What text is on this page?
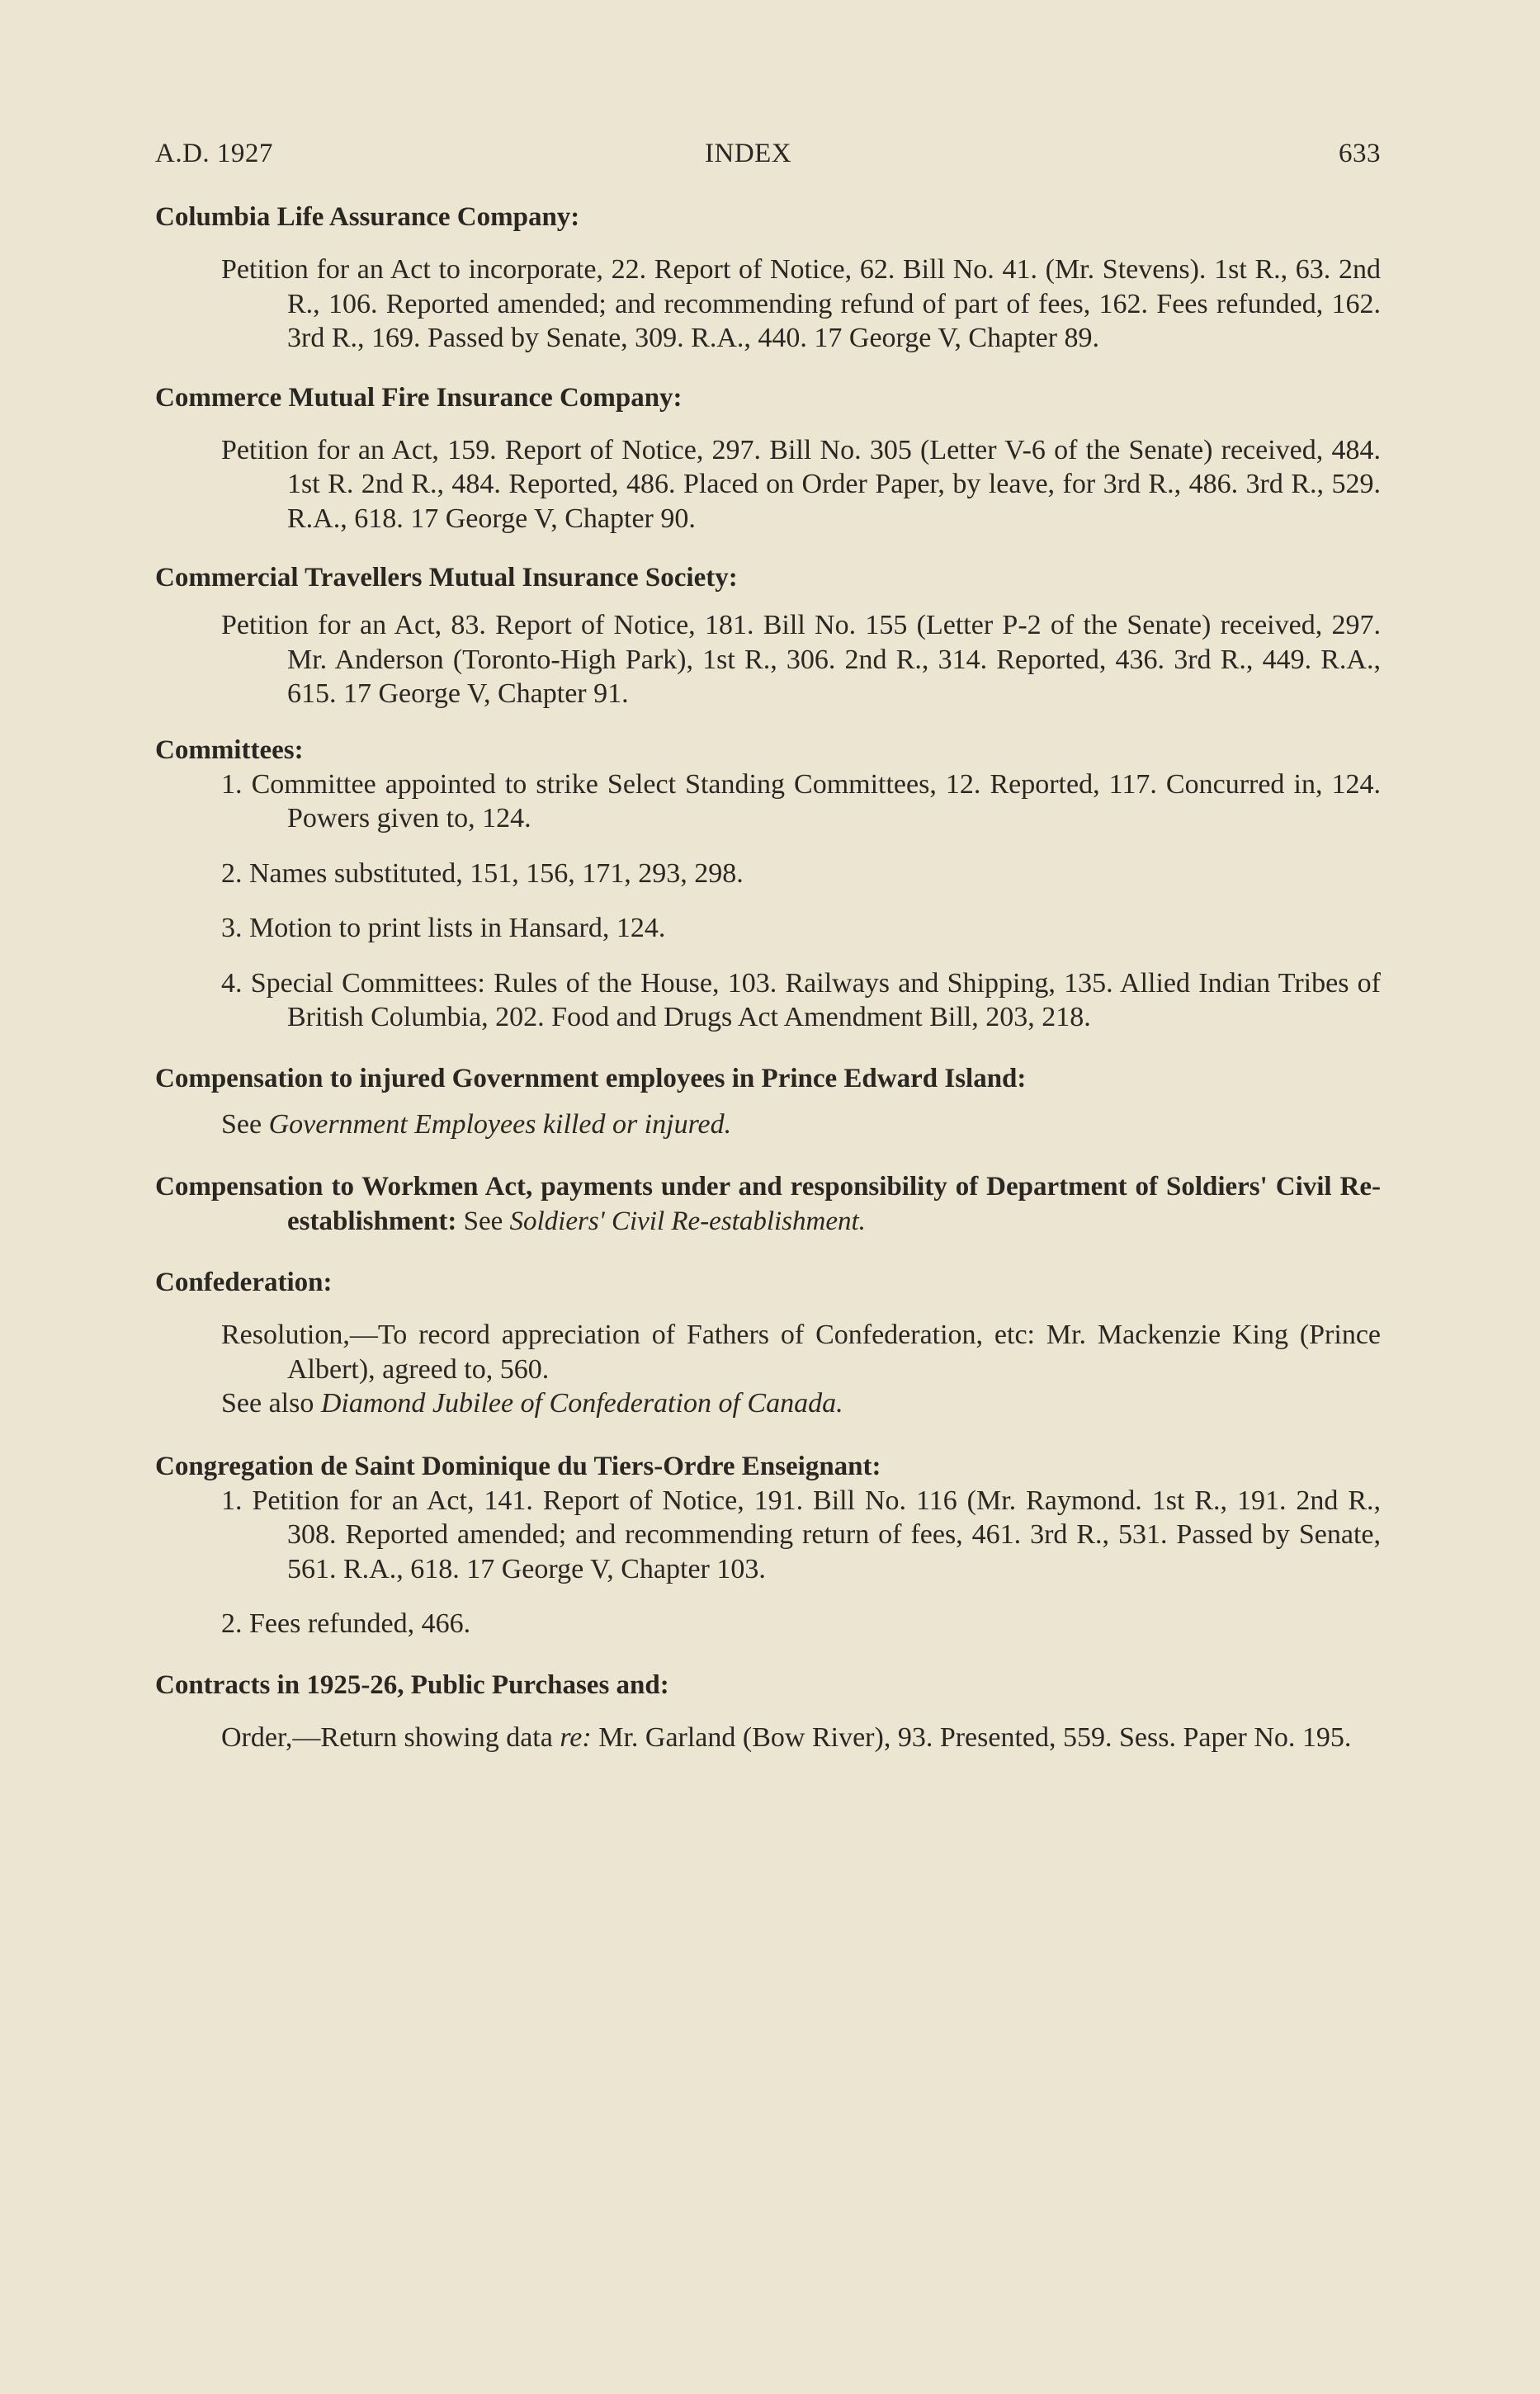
A.D. 1927	INDEX	633

Columbia Life Assurance Company:

Petition for an Act to incorporate, 22. Report of Notice, 62. Bill No. 41. (Mr. Stevens). 1st R., 63. 2nd R., 106. Reported amended; and recommending refund of part of fees, 162. Fees refunded, 162. 3rd R., 169. Passed by Senate, 309. R.A., 440. 17 George V, Chapter 89.

Commerce Mutual Fire Insurance Company:

Petition for an Act, 159. Report of Notice, 297. Bill No. 305 (Letter V-6 of the Senate) received, 484. 1st R. 2nd R., 484. Reported, 486. Placed on Order Paper, by leave, for 3rd R., 486. 3rd R., 529. R.A., 618. 17 George V, Chapter 90.

Commercial Travellers Mutual Insurance Society:

Petition for an Act, 83. Report of Notice, 181. Bill No. 155 (Letter P-2 of the Senate) received, 297. Mr. Anderson (Toronto-High Park), 1st R., 306. 2nd R., 314. Reported, 436. 3rd R., 449. R.A., 615. 17 George V, Chapter 91.

Committees:

1. Committee appointed to strike Select Standing Committees, 12. Reported, 117. Concurred in, 124. Powers given to, 124.

2. Names substituted, 151, 156, 171, 293, 298.

3. Motion to print lists in Hansard, 124.

4. Special Committees: Rules of the House, 103. Railways and Shipping, 135. Allied Indian Tribes of British Columbia, 202. Food and Drugs Act Amendment Bill, 203, 218.

Compensation to injured Government employees in Prince Edward Island:

See Government Employees killed or injured.

Compensation to Workmen Act, payments under and responsibility of Department of Soldiers' Civil Re-establishment: See Soldiers' Civil Re-establishment.

Confederation:

Resolution,—To record appreciation of Fathers of Confederation, etc: Mr. Mackenzie King (Prince Albert), agreed to, 560.

See also Diamond Jubilee of Confederation of Canada.

Congregation de Saint Dominique du Tiers-Ordre Enseignant:

1. Petition for an Act, 141. Report of Notice, 191. Bill No. 116 (Mr. Raymond. 1st R., 191. 2nd R., 308. Reported amended; and recommending return of fees, 461. 3rd R., 531. Passed by Senate, 561. R.A., 618. 17 George V, Chapter 103.

2. Fees refunded, 466.

Contracts in 1925-26, Public Purchases and:

Order,—Return showing data re: Mr. Garland (Bow River), 93. Presented, 559. Sess. Paper No. 195.
